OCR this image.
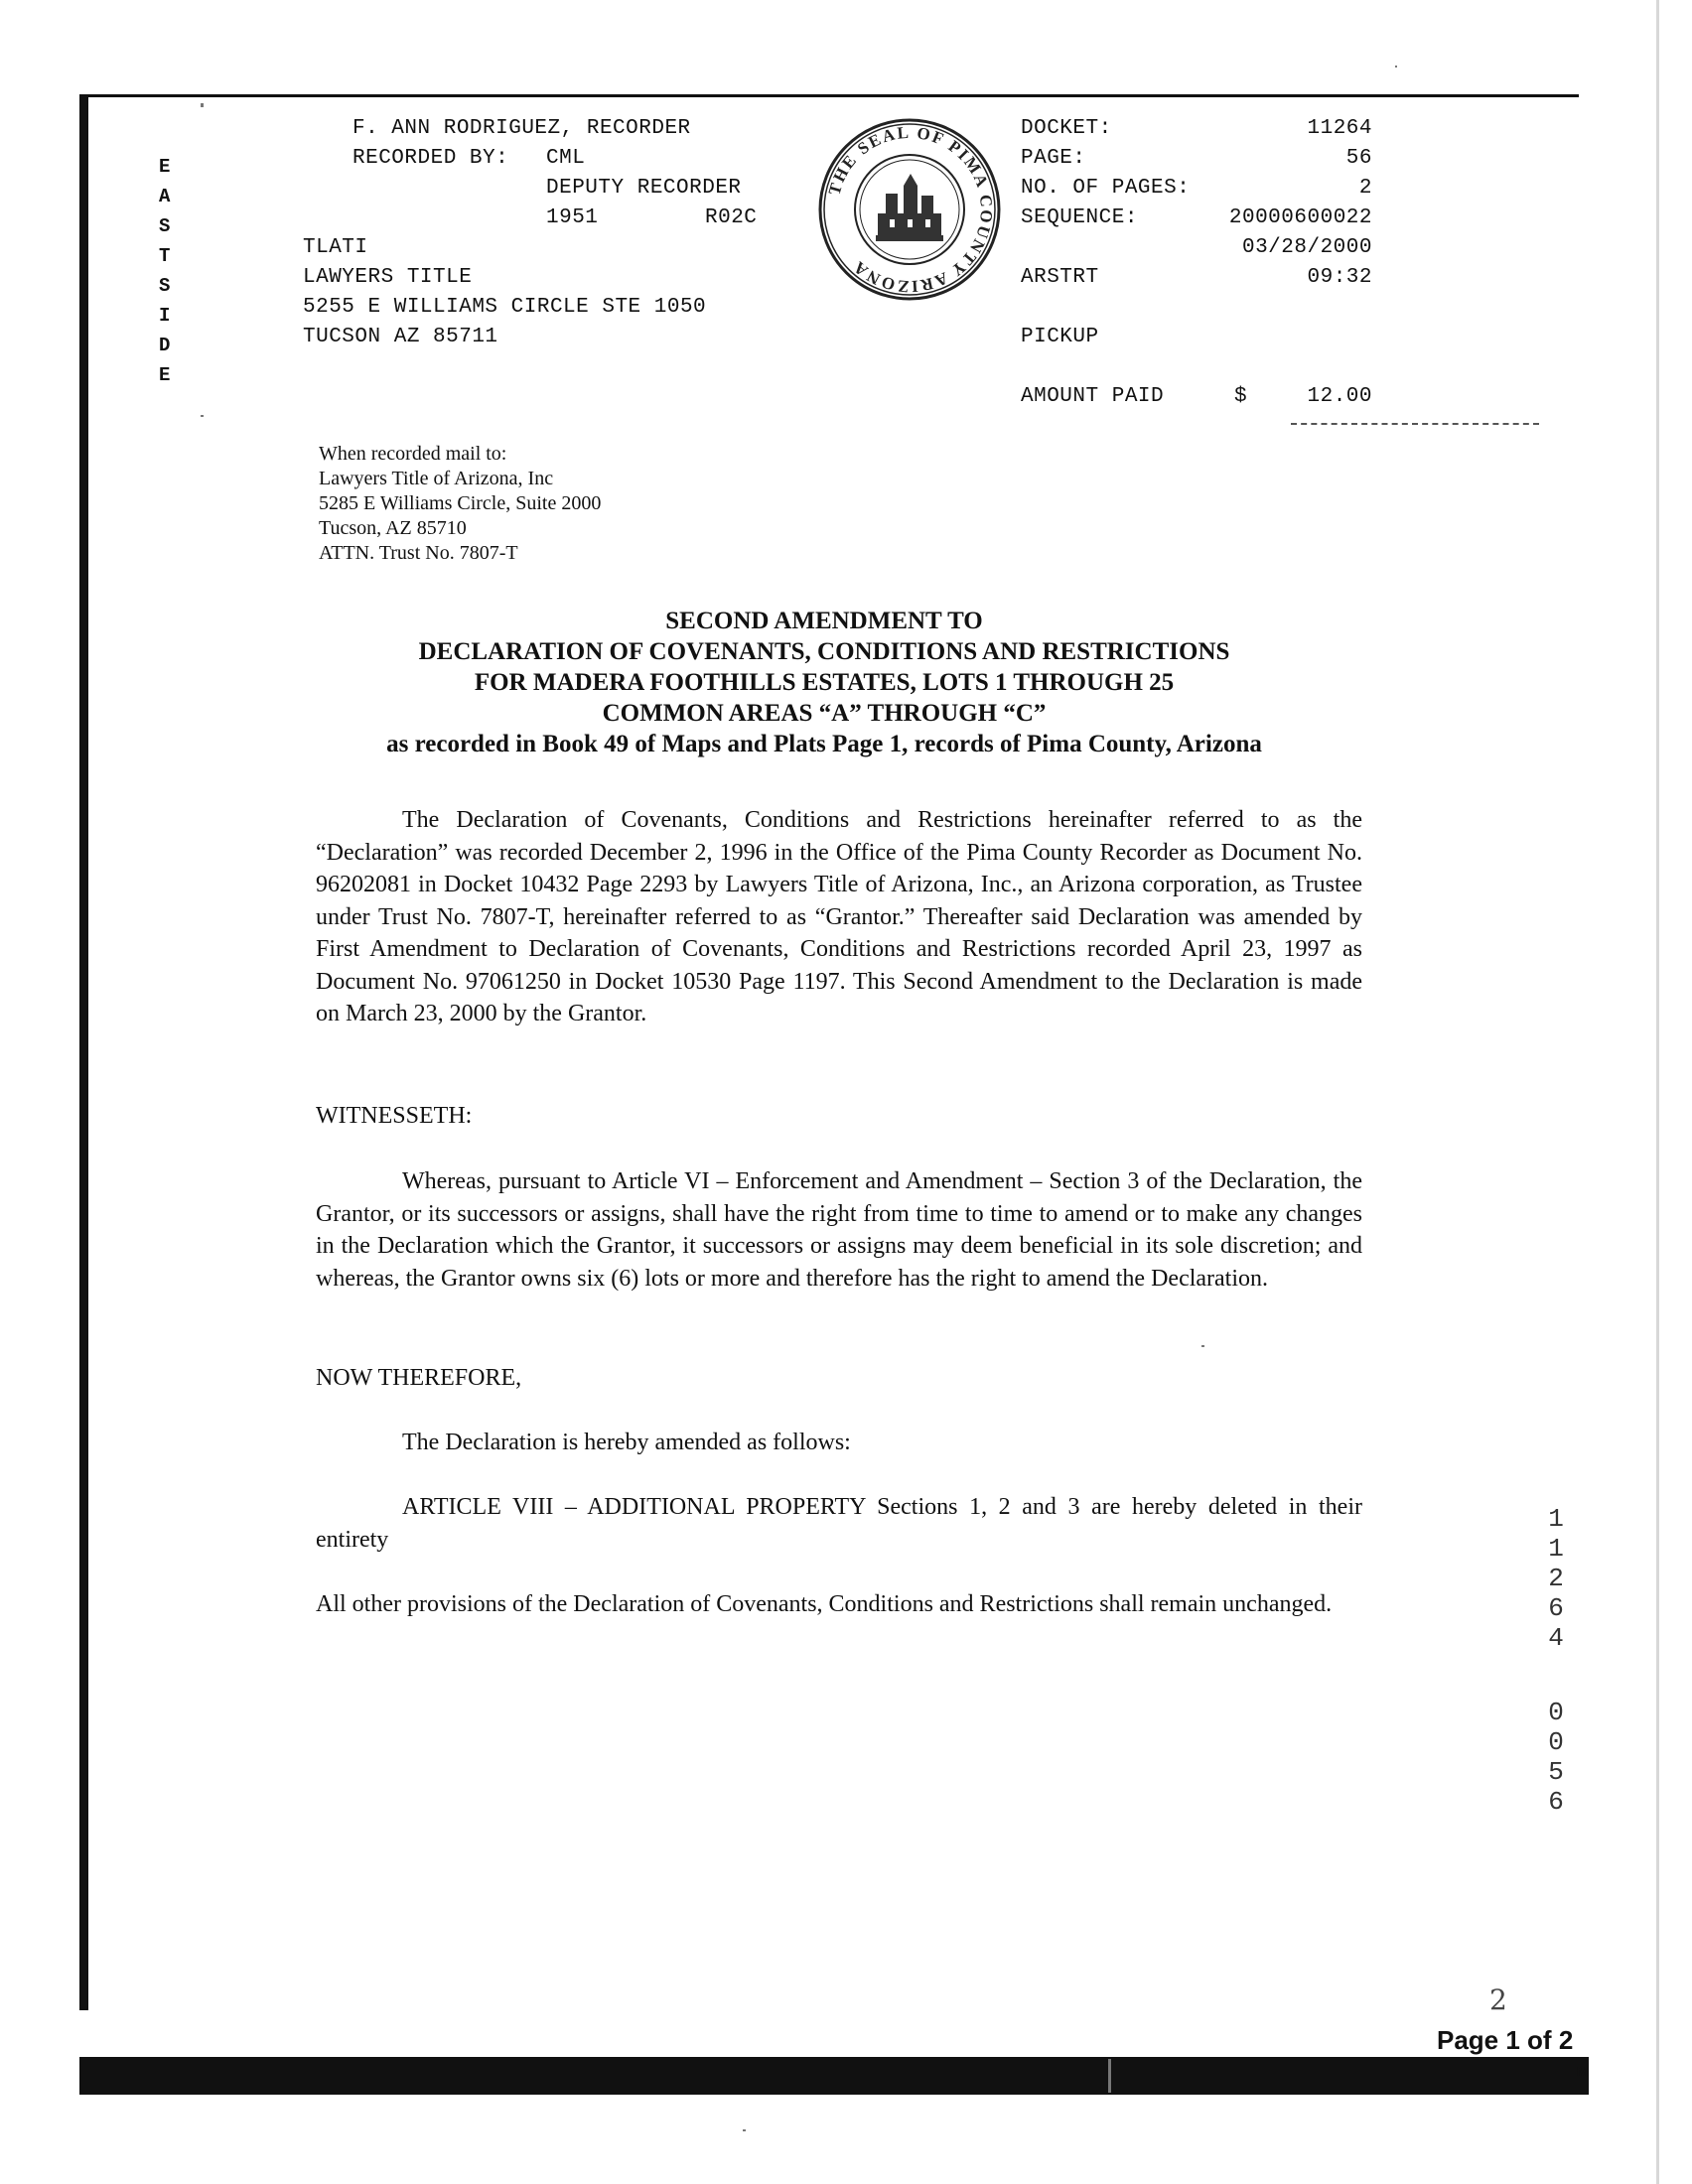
M
E
A
S
T
S
I
D
E
F. ANN RODRIGUEZ, RECORDER
RECORDED BY: CML
DEPUTY RECORDER
1951	R02C
TLATI
LAWYERS TITLE
5255 E WILLIAMS CIRCLE STE 1050
TUCSON AZ 85711
THE SEAL OF PIMA COUNTY ARIZONA
DOCKET:	11264
PAGE:	56
NO. OF PAGES:	2
SEQUENCE:	20000600022
03/28/2000
ARSTRT	09:32
PICKUP
AMOUNT PAID	$	12.00
When recorded mail to:
Lawyers Title of Arizona, Inc
5285 E Williams Circle, Suite 2000
Tucson, AZ 85710
ATTN. Trust No. 7807-T
SECOND AMENDMENT TO
DECLARATION OF COVENANTS, CONDITIONS AND RESTRICTIONS
FOR MADERA FOOTHILLS ESTATES, LOTS 1 THROUGH 25
COMMON AREAS “A” THROUGH “C”
as recorded in Book 49 of Maps and Plats Page 1, records of Pima County, Arizona

The Declaration of Covenants, Conditions and Restrictions hereinafter referred to as the “Declaration” was recorded December 2, 1996 in the Office of the Pima County Recorder as Document No. 96202081 in Docket 10432 Page 2293 by Lawyers Title of Arizona, Inc., an Arizona corporation, as Trustee under Trust No. 7807-T, hereinafter referred to as “Grantor.” Thereafter said Declaration was amended by First Amendment to Declaration of Covenants, Conditions and Restrictions recorded April 23, 1997 as Document No. 97061250 in Docket 10530 Page 1197. This Second Amendment to the Declaration is made on March 23, 2000 by the Grantor.

WITNESSETH:

Whereas, pursuant to Article VI – Enforcement and Amendment – Section 3 of the Declaration, the Grantor, or its successors or assigns, shall have the right from time to time to amend or to make any changes in the Declaration which the Grantor, it successors or assigns may deem beneficial in its sole discretion; and whereas, the Grantor owns six (6) lots or more and therefore has the right to amend the Declaration.

NOW THEREFORE,

The Declaration is hereby amended as follows:

ARTICLE VIII – ADDITIONAL PROPERTY Sections 1, 2 and 3 are hereby deleted in their entirety

All other provisions of the Declaration of Covenants, Conditions and Restrictions shall remain unchanged.

1
1
2
6
4
0
0
5
6
2
Page 1 of 2
